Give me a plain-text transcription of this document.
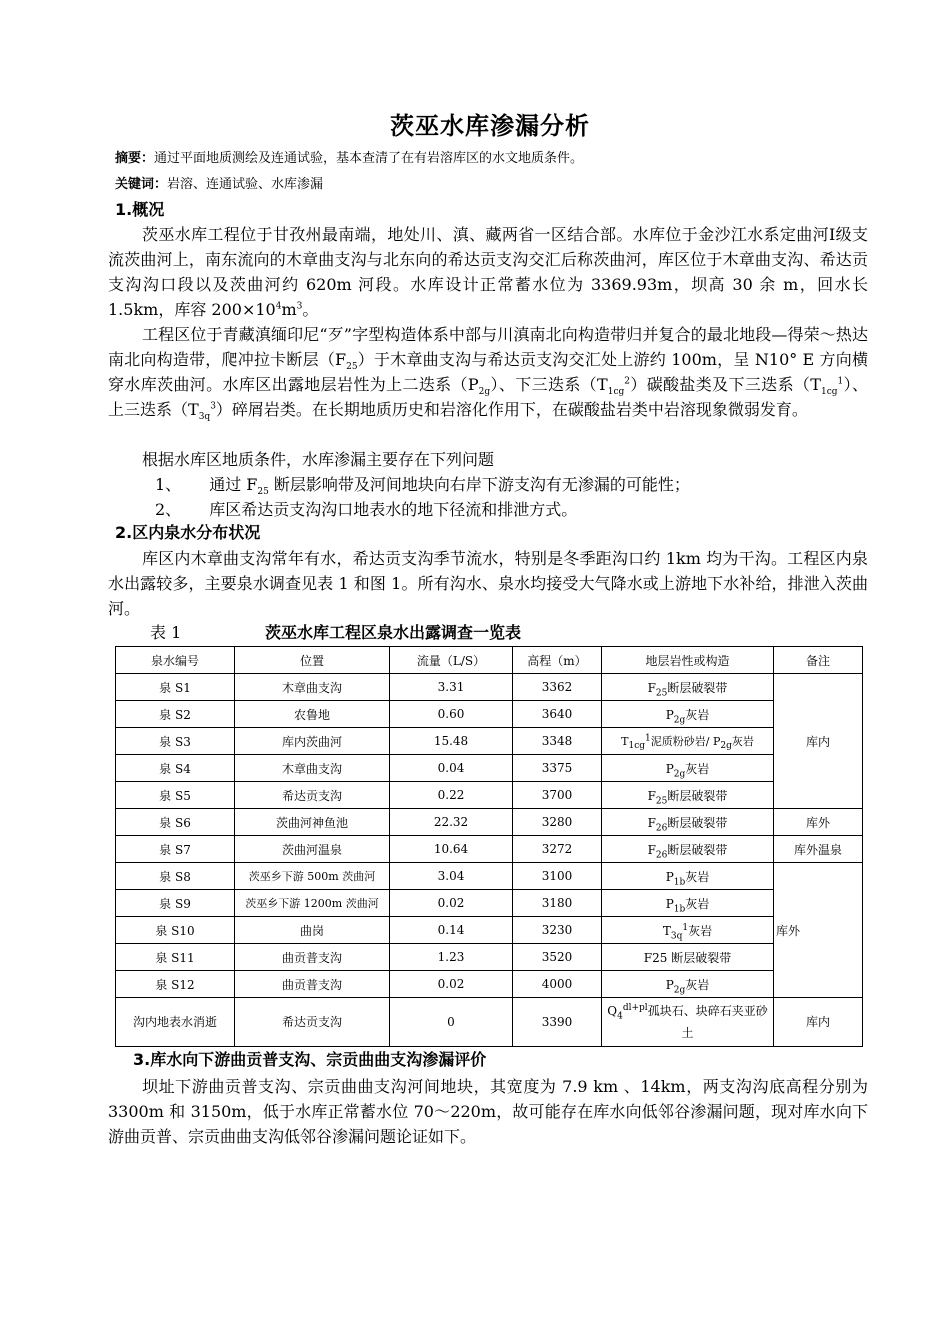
茨巫水库渗漏分析
摘要：通过平面地质测绘及连通试验，基本查清了在有岩溶库区的水文地质条件。
关键词：岩溶、连通试验、水库渗漏
1.概况
茨巫水库工程位于甘孜州最南端，地处川、滇、藏两省一区结合部。水库位于金沙江水系定曲河Ⅰ级支流茨曲河上，南东流向的木章曲支沟与北东向的希达贡支沟交汇后称茨曲河，库区位于木章曲支沟、希达贡支沟沟口段以及茨曲河约 620m 河段。水库设计正常蓄水位为 3369.93m，坝高 30 余 m，回水长 1.5km，库容 $200\times 10^4m^3$。
工程区位于青藏滇缅印尼“歹”字型构造体系中部与川滇南北向构造带归并复合的最北地段—得荣～热达南北向构造带，爬冲拉卡断层$(F_{25})$于木章曲支沟与希达贡支沟交汇处上游约 100m，呈 N10° E 方向横穿水库茨曲河。水库区出露地层岩性为上二迭系$(P_{2g})$、下三迭系$(T_{1cg}^2)$碳酸盐类及下三迭系$(T_{1cg}^1)$、上三迭系$(T_{3q}^3)$碎屑岩类。在长期地质历史和岩溶化作用下，在碳酸盐岩类中岩溶现象微弱发育。
根据水库区地质条件，水库渗漏主要存在下列问题
1、 通过 $F_{25}$ 断层影响带及河间地块向右岸下游支沟有无渗漏的可能性；
2、 库区希达贡支沟沟口地表水的地下径流和排泄方式。
2.区内泉水分布状况
库区内木章曲支沟常年有水，希达贡支沟季节流水，特别是冬季距沟口约 1km 均为干沟。工程区内泉水出露较多，主要泉水调查见表 1 和图 1。所有沟水、泉水均接受大气降水或上游地下水补给，排泄入茨曲河。
表 1	茨巫水库工程区泉水出露调查一览表
泉水编号	位置	流量（L/S）	高程（m）	地层岩性或构造	备注
泉 S1	木章曲支沟	3.31	3362	$F_{25}$断层破裂带	库内
泉 S2	农鲁地	0.60	3640	$P_{2g}$灰岩	
泉 S3	库内茨曲河	15.48	3348	$T_{1cg}^1$泥质粉砂岩/ $P_{2g}$灰岩	
泉 S4	木章曲支沟	0.04	3375	$P_{2g}$灰岩	
泉 S5	希达贡支沟	0.22	3700	$F_{25}$断层破裂带	
泉 S6	茨曲河神鱼池	22.32	3280	$F_{26}$断层破裂带	库外
泉 S7	茨曲河温泉	10.64	3272	$F_{26}$断层破裂带	库外温泉
泉 S8	茨巫乡下游 500m 茨曲河	3.04	3100	$P_{1b}$灰岩	库外
泉 S9	茨巫乡下游 1200m 茨曲河	0.02	3180	$P_{1b}$灰岩	
泉 S10	曲岗	0.14	3230	$T_{3q}^1$灰岩	
泉 S11	曲贡普支沟	1.23	3520	F25 断层破裂带	
泉 S12	曲贡普支沟	0.02	4000	$P_{2g}$灰岩	
沟内地表水消逝	希达贡支沟	0	3390	$Q_4^{dl+pl}$孤块石、块碎石夹亚砂土	库内
3.库水向下游曲贡普支沟、宗贡曲曲支沟渗漏评价
坝址下游曲贡普支沟、宗贡曲曲支沟河间地块，其宽度为 7.9 km 、14km，两支沟沟底高程分别为 3300m 和 3150m，低于水库正常蓄水位 70～220m，故可能存在库水向低邻谷渗漏问题，现对库水向下游曲贡普、宗贡曲曲支沟低邻谷渗漏问题论证如下。
